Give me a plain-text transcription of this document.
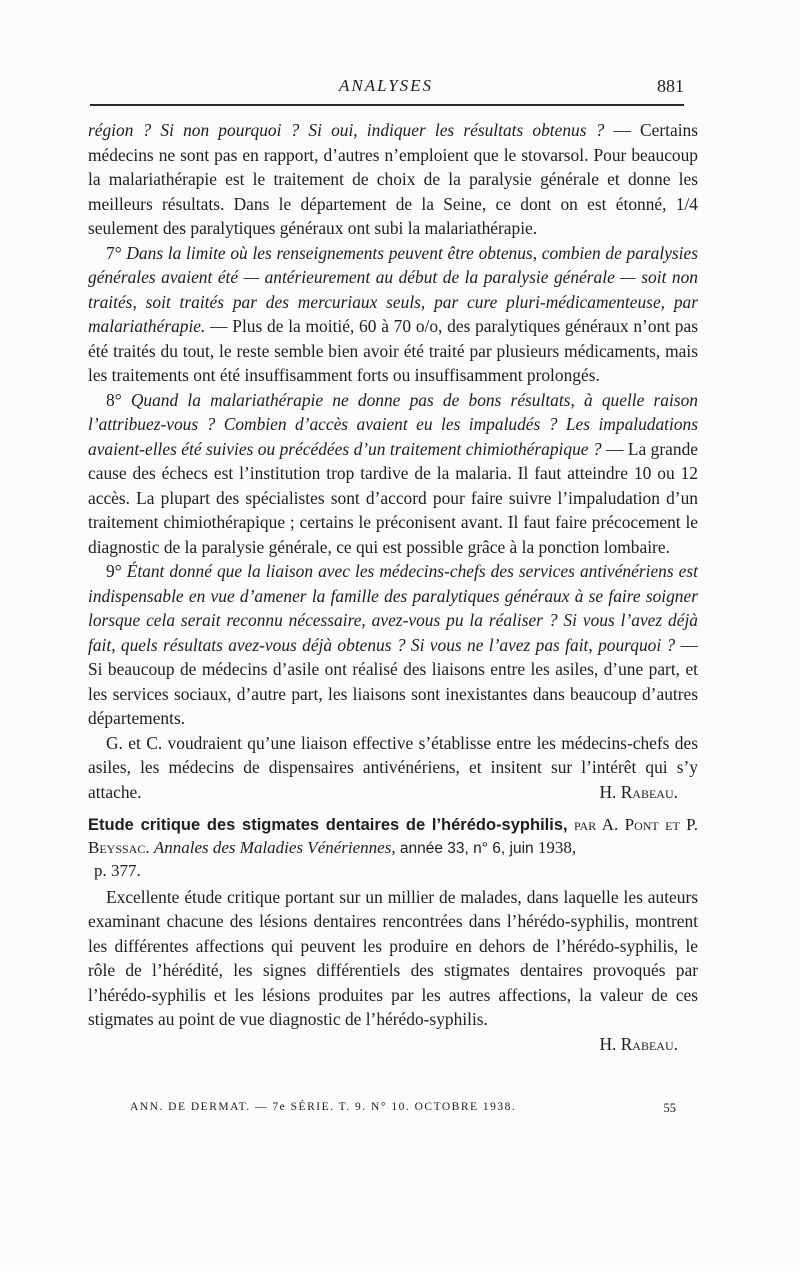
ANALYSES	881

région ? Si non pourquoi ? Si oui, indiquer les résultats obtenus ? — Certains médecins ne sont pas en rapport, d’autres n’emploient que le stovarsol. Pour beaucoup la malariathérapie est le traitement de choix de la paralysie générale et donne les meilleurs résultats. Dans le département de la Seine, ce dont on est étonné, 1/4 seulement des paralytiques généraux ont subi la malariathérapie.

7° Dans la limite où les renseignements peuvent être obtenus, combien de paralysies générales avaient été — antérieurement au début de la paralysie générale — soit non traités, soit traités par des mercuriaux seuls, par cure pluri-médicamenteuse, par malariathérapie. — Plus de la moitié, 60 à 70 o/o, des paralytiques généraux n’ont pas été traités du tout, le reste semble bien avoir été traité par plusieurs médicaments, mais les traitements ont été insuffisamment forts ou insuffisamment prolongés.

8° Quand la malariathérapie ne donne pas de bons résultats, à quelle raison l’attribuez-vous ? Combien d’accès avaient eu les impaludés ? Les impaludations avaient-elles été suivies ou précédées d’un traitement chimiothérapique ? — La grande cause des échecs est l’institution trop tardive de la malaria. Il faut atteindre 10 ou 12 accès. La plupart des spécialistes sont d’accord pour faire suivre l’impaludation d’un traitement chimiothérapique ; certains le préconisent avant. Il faut faire précocement le diagnostic de la paralysie générale, ce qui est possible grâce à la ponction lombaire.

9° Étant donné que la liaison avec les médecins-chefs des services antivénériens est indispensable en vue d’amener la famille des paralytiques généraux à se faire soigner lorsque cela serait reconnu nécessaire, avez-vous pu la réaliser ? Si vous l’avez déjà fait, quels résultats avez-vous déjà obtenus ? Si vous ne l’avez pas fait, pourquoi ? — Si beaucoup de médecins d’asile ont réalisé des liaisons entre les asiles, d’une part, et les services sociaux, d’autre part, les liaisons sont inexistantes dans beaucoup d’autres départements.

G. et C. voudraient qu’une liaison effective s’établisse entre les médecins-chefs des asiles, les médecins de dispensaires antivénériens, et insitent sur l’intérêt qui s’y attache.	H. Rabeau.

Etude critique des stigmates dentaires de l’hérédo-syphilis, par A. Pont et P. Beyssac. Annales des Maladies Vénériennes, année 33, n° 6, juin 1938,
p. 377.

Excellente étude critique portant sur un millier de malades, dans laquelle les auteurs examinant chacune des lésions dentaires rencontrées dans l’hérédo-syphilis, montrent les différentes affections qui peuvent les produire en dehors de l’hérédo-syphilis, le rôle de l’hérédité, les signes différentiels des stigmates dentaires provoqués par l’hérédo-syphilis et les lésions produites par les autres affections, la valeur de ces stigmates au point de vue diagnostic de l’hérédo-syphilis.

H. Rabeau.

ANN. DE DERMAT. — 7e SÉRIE. T. 9. N° 10. OCTOBRE 1938.	55
